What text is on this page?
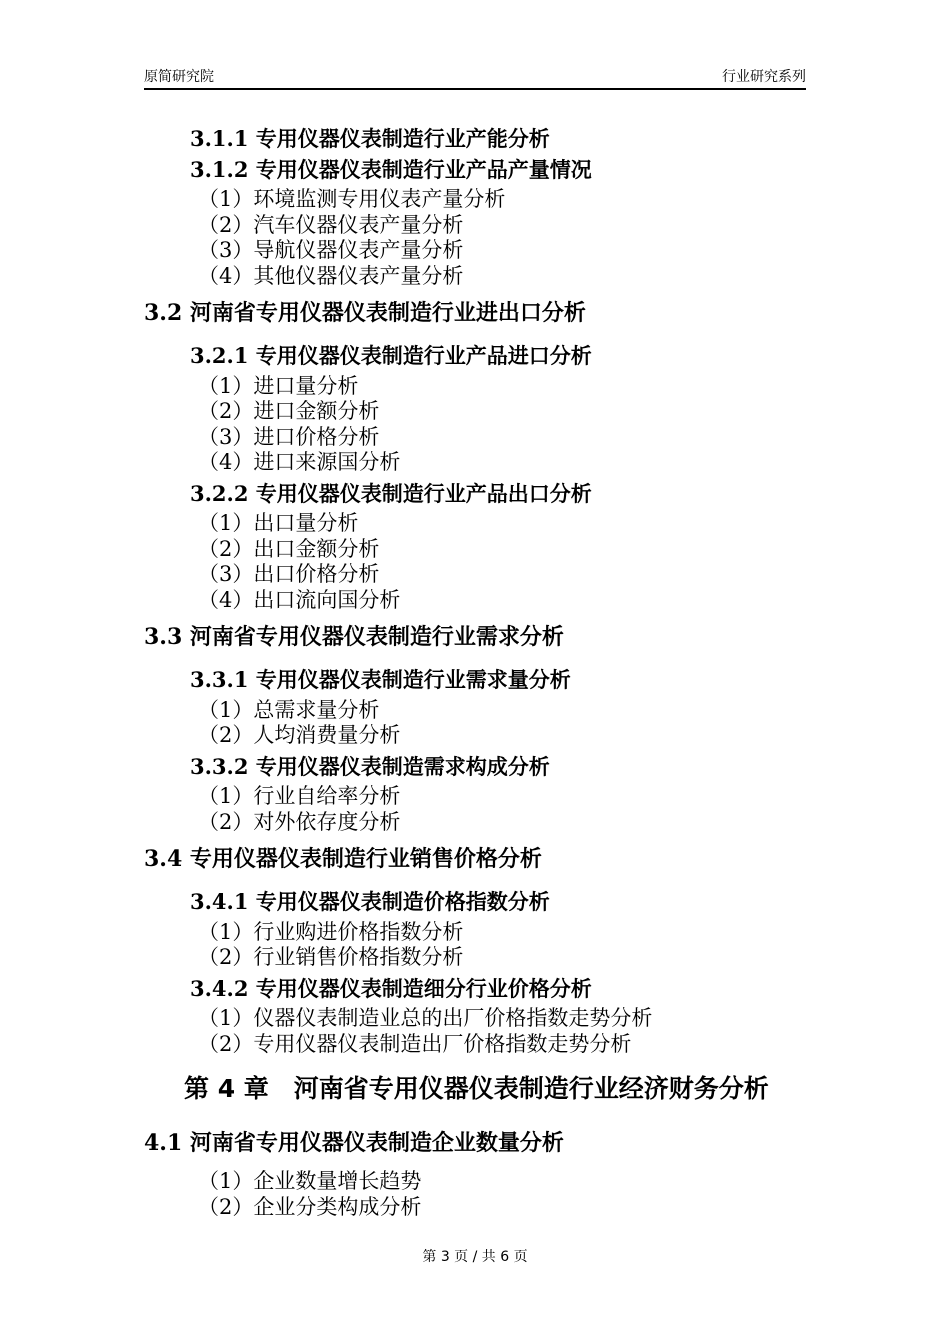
原简研究院	行业研究系列
3.1.1 专用仪器仪表制造行业产能分析
3.1.2 专用仪器仪表制造行业产品产量情况
（1）环境监测专用仪表产量分析
（2）汽车仪器仪表产量分析
（3）导航仪器仪表产量分析
（4）其他仪器仪表产量分析
3.2 河南省专用仪器仪表制造行业进出口分析
3.2.1 专用仪器仪表制造行业产品进口分析
（1）进口量分析
（2）进口金额分析
（3）进口价格分析
（4）进口来源国分析
3.2.2 专用仪器仪表制造行业产品出口分析
（1）出口量分析
（2）出口金额分析
（3）出口价格分析
（4）出口流向国分析
3.3 河南省专用仪器仪表制造行业需求分析
3.3.1 专用仪器仪表制造行业需求量分析
（1）总需求量分析
（2）人均消费量分析
3.3.2 专用仪器仪表制造需求构成分析
（1）行业自给率分析
（2）对外依存度分析
3.4 专用仪器仪表制造行业销售价格分析
3.4.1 专用仪器仪表制造价格指数分析
（1）行业购进价格指数分析
（2）行业销售价格指数分析
3.4.2 专用仪器仪表制造细分行业价格分析
（1）仪器仪表制造业总的出厂价格指数走势分析
（2）专用仪器仪表制造出厂价格指数走势分析
第 4 章　河南省专用仪器仪表制造行业经济财务分析
4.1 河南省专用仪器仪表制造企业数量分析
（1）企业数量增长趋势
（2）企业分类构成分析
第 3 页 / 共 6 页
